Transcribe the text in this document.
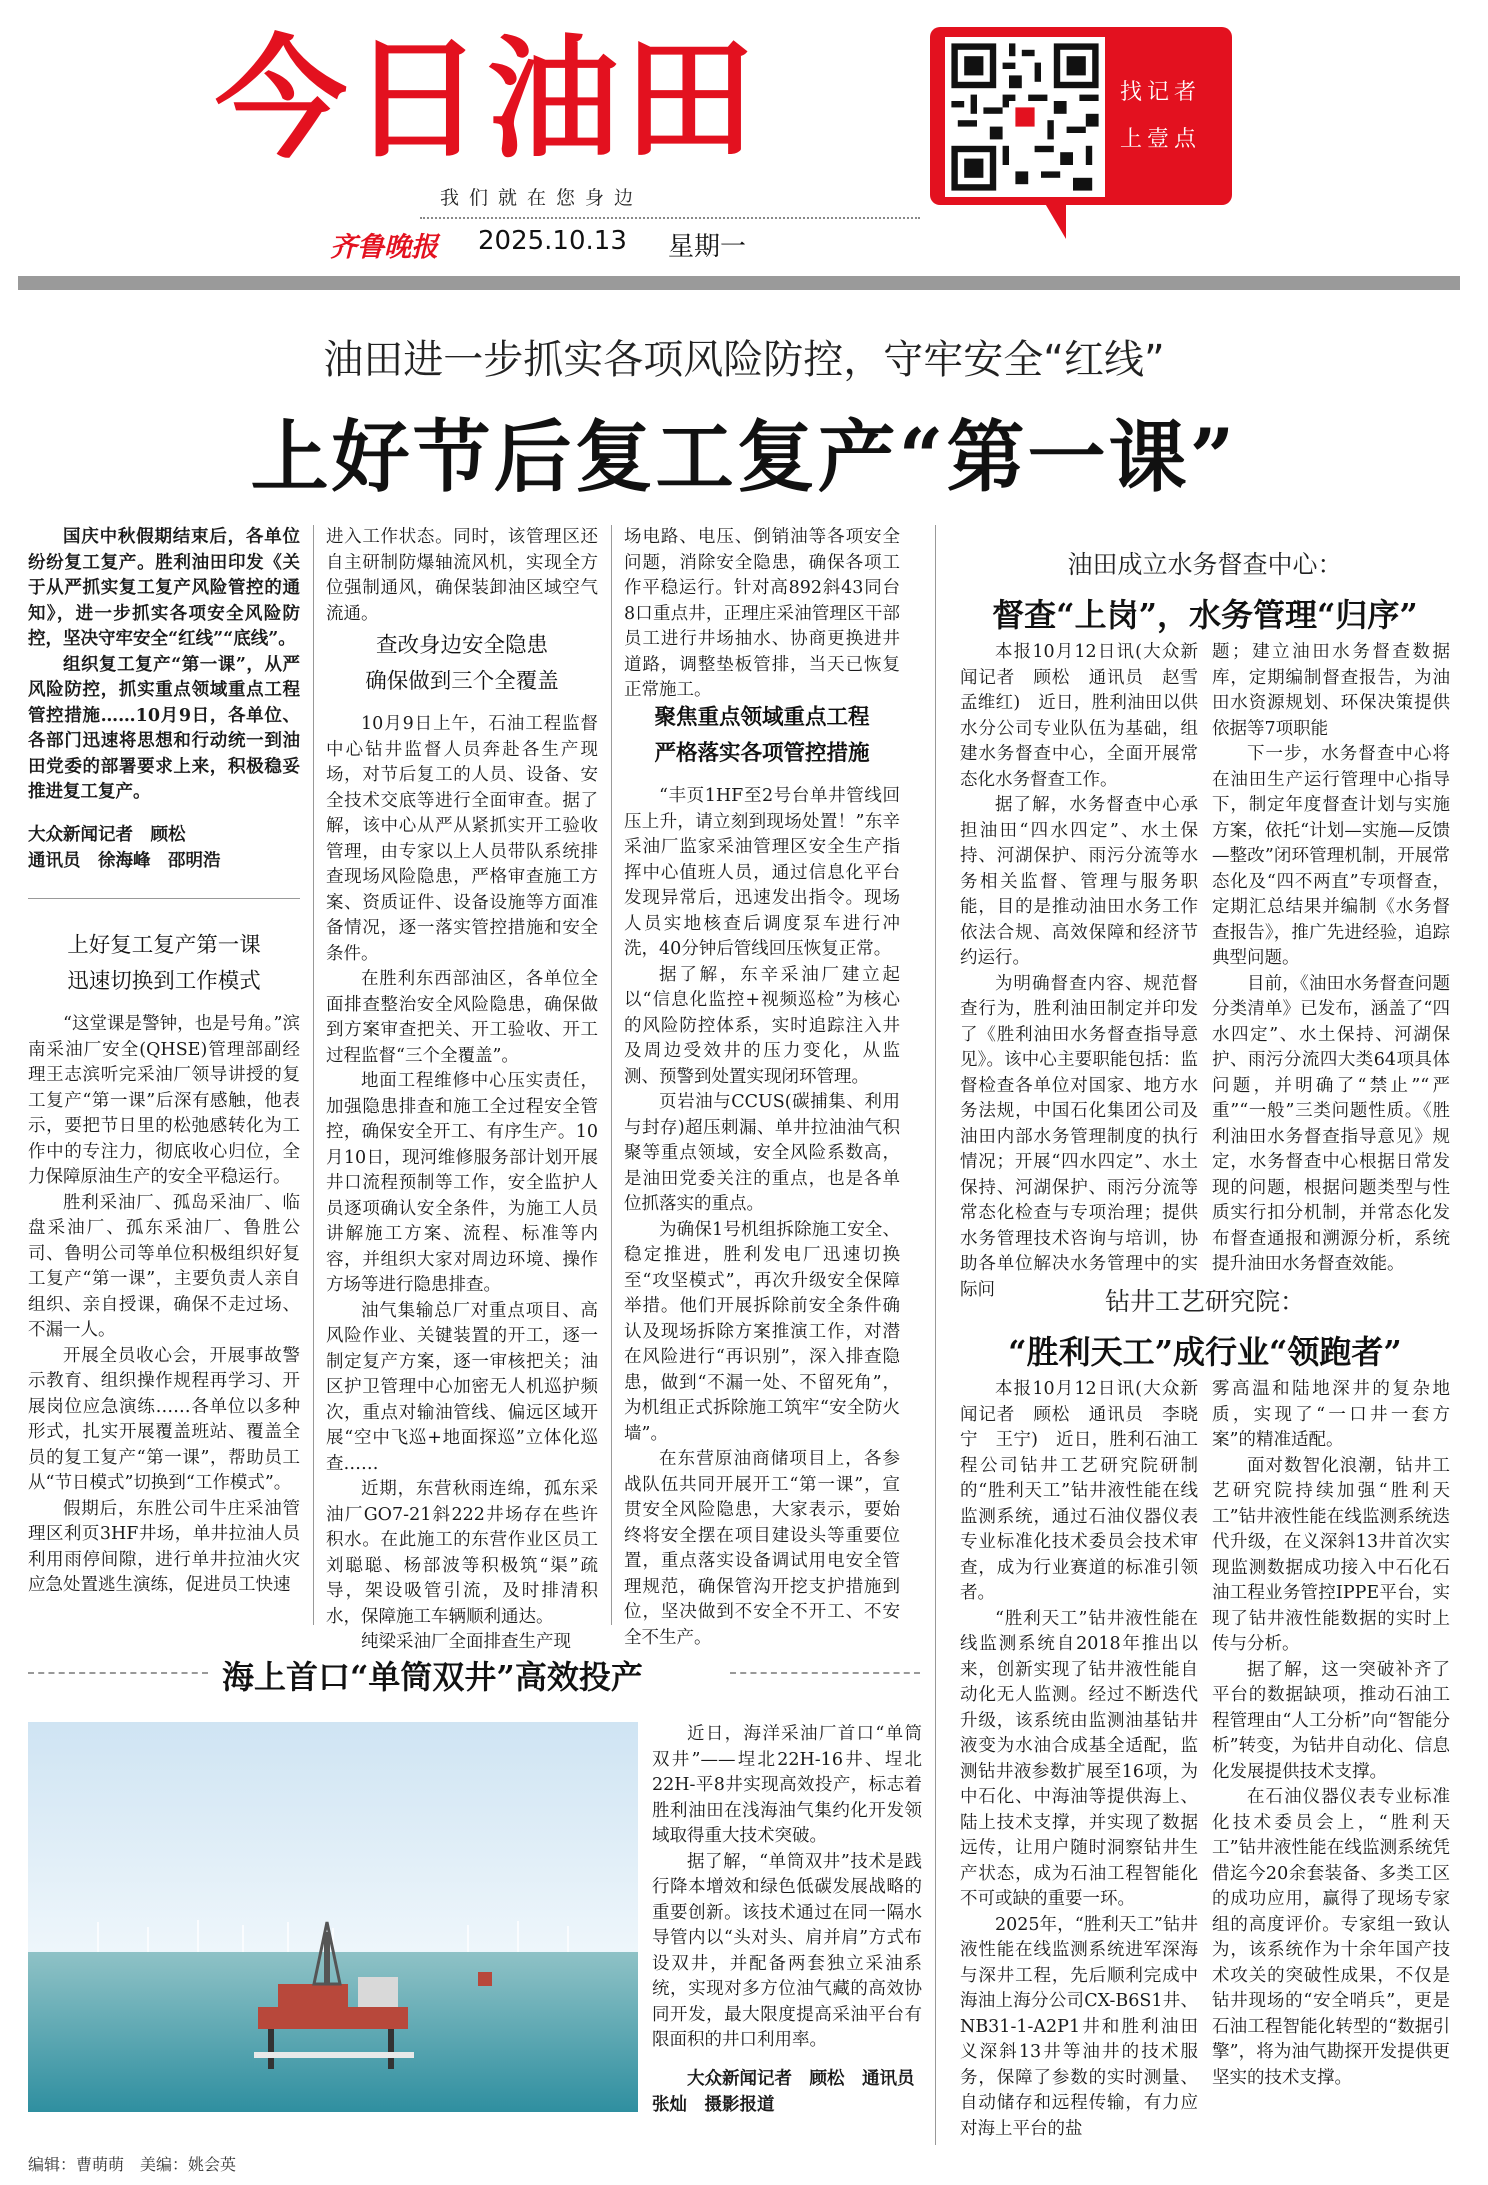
今日油田	找记者
上壹点
我们就在您身边
齐鲁晚报 2025.10.13 星期一
油田进一步抓实各项风险防控，守牢安全“红线”
上好节后复工复产“第一课”

国庆中秋假期结束后，各单位纷纷复工复产。胜利油田印发《关于从严抓实复工复产风险管控的通知》，进一步抓实各项安全风险防控，坚决守牢安全“红线”“底线”。

组织复工复产“第一课”，从严风险防控，抓实重点领域重点工程管控措施……10月9日，各单位、各部门迅速将思想和行动统一到油田党委的部署要求上来，积极稳妥推进复工复产。

大众新闻记者　顾松
通讯员　徐海峰　邵明浩
上好复工复产第一课
迅速切换到工作模式

“这堂课是警钟，也是号角。”滨南采油厂安全(QHSE)管理部副经理王志滨听完采油厂领导讲授的复工复产“第一课”后深有感触，他表示，要把节日里的松弛感转化为工作中的专注力，彻底收心归位，全力保障原油生产的安全平稳运行。

胜利采油厂、孤岛采油厂、临盘采油厂、孤东采油厂、鲁胜公司、鲁明公司等单位积极组织好复工复产“第一课”，主要负责人亲自组织、亲自授课，确保不走过场、不漏一人。

开展全员收心会，开展事故警示教育、组织操作规程再学习、开展岗位应急演练……各单位以多种形式，扎实开展覆盖班站、覆盖全员的复工复产“第一课”，帮助员工从“节日模式”切换到“工作模式”。

假期后，东胜公司牛庄采油管理区利页3HF井场，单井拉油人员利用雨停间隙，进行单井拉油火灾应急处置逃生演练，促进员工快速

进入工作状态。同时，该管理区还自主研制防爆轴流风机，实现全方位强制通风，确保装卸油区域空气流通。

查改身边安全隐患
确保做到三个全覆盖

10月9日上午，石油工程监督中心钻井监督人员奔赴各生产现场，对节后复工的人员、设备、安全技术交底等进行全面审查。据了解，该中心从严从紧抓实开工验收管理，由专家以上人员带队系统排查现场风险隐患，严格审查施工方案、资质证件、设备设施等方面准备情况，逐一落实管控措施和安全条件。

在胜利东西部油区，各单位全面排查整治安全风险隐患，确保做到方案审查把关、开工验收、开工过程监督“三个全覆盖”。

地面工程维修中心压实责任，加强隐患排查和施工全过程安全管控，确保安全开工、有序生产。10月10日，现河维修服务部计划开展井口流程预制等工作，安全监护人员逐项确认安全条件，为施工人员讲解施工方案、流程、标准等内容，并组织大家对周边环境、操作方场等进行隐患排查。

油气集输总厂对重点项目、高风险作业、关键装置的开工，逐一制定复产方案，逐一审核把关；油区护卫管理中心加密无人机巡护频次，重点对输油管线、偏远区域开展“空中飞巡+地面探巡”立体化巡查……

近期，东营秋雨连绵，孤东采油厂GO7-21斜222井场存在些许积水。在此施工的东营作业区员工刘聪聪、杨部波等积极筑“渠”疏导，架设吸管引流，及时排清积水，保障施工车辆顺利通达。

纯梁采油厂全面排查生产现

场电路、电压、倒销油等各项安全问题，消除安全隐患，确保各项工作平稳运行。针对高892斜43同台8口重点井，正理庄采油管理区干部员工进行井场抽水、协商更换进井道路，调整垫板管排，当天已恢复正常施工。

聚焦重点领域重点工程
严格落实各项管控措施

“丰页1HF至2号台单井管线回压上升，请立刻到现场处置！”东辛采油厂监家采油管理区安全生产指挥中心值班人员，通过信息化平台发现异常后，迅速发出指令。现场人员实地核查后调度泵车进行冲洗，40分钟后管线回压恢复正常。

据了解，东辛采油厂建立起以“信息化监控+视频巡检”为核心的风险防控体系，实时追踪注入井及周边受效井的压力变化，从监测、预警到处置实现闭环管理。

页岩油与CCUS(碳捕集、利用与封存)超压刺漏、单井拉油油气积聚等重点领域，安全风险系数高，是油田党委关注的重点，也是各单位抓落实的重点。

为确保1号机组拆除施工安全、稳定推进，胜利发电厂迅速切换至“攻坚模式”，再次升级安全保障举措。他们开展拆除前安全条件确认及现场拆除方案推演工作，对潜在风险进行“再识别”，深入排查隐患，做到“不漏一处、不留死角”，为机组正式拆除施工筑牢“安全防火墙”。

在东营原油商储项目上，各参战队伍共同开展开工“第一课”，宣贯安全风险隐患，大家表示，要始终将安全摆在项目建设头等重要位置，重点落实设备调试用电安全管理规范，确保管沟开挖支护措施到位，坚决做到不安全不开工、不安全不生产。

油田成立水务督查中心：
督查“上岗”，水务管理“归序”

本报10月12日讯(大众新闻记者　顾松　通讯员　赵雪　孟维红)　近日，胜利油田以供水分公司专业队伍为基础，组建水务督查中心，全面开展常态化水务督查工作。

据了解，水务督查中心承担油田“四水四定”、水土保持、河湖保护、雨污分流等水务相关监督、管理与服务职能，目的是推动油田水务工作依法合规、高效保障和经济节约运行。

为明确督查内容、规范督查行为，胜利油田制定并印发了《胜利油田水务督查指导意见》。该中心主要职能包括：监督检查各单位对国家、地方水务法规，中国石化集团公司及油田内部水务管理制度的执行情况；开展“四水四定”、水土保持、河湖保护、雨污分流等常态化检查与专项治理；提供水务管理技术咨询与培训，协助各单位解决水务管理中的实际问

题；建立油田水务督查数据库，定期编制督查报告，为油田水资源规划、环保决策提供依据等7项职能

下一步，水务督查中心将在油田生产运行管理中心指导下，制定年度督查计划与实施方案，依托“计划—实施—反馈—整改”闭环管理机制，开展常态化及“四不两直”专项督查，定期汇总结果并编制《水务督查报告》，推广先进经验，追踪典型问题。

目前，《油田水务督查问题分类清单》已发布，涵盖了“四水四定”、水土保持、河湖保护、雨污分流四大类64项具体问题，并明确了“禁止”“严重”“一般”三类问题性质。《胜利油田水务督查指导意见》规定，水务督查中心根据日常发现的问题，根据问题类型与性质实行扣分机制，并常态化发布督查通报和溯源分析，系统提升油田水务督查效能。

钻井工艺研究院：
“胜利天工”成行业“领跑者”

本报10月12日讯(大众新闻记者　顾松　通讯员　李晓宁　王宁)　近日，胜利石油工程公司钻井工艺研究院研制的“胜利天工”钻井液性能在线监测系统，通过石油仪器仪表专业标准化技术委员会技术审查，成为行业赛道的标准引领者。

“胜利天工”钻井液性能在线监测系统自2018年推出以来，创新实现了钻井液性能自动化无人监测。经过不断迭代升级，该系统由监测油基钻井液变为水油合成基全适配，监测钻井液参数扩展至16项，为中石化、中海油等提供海上、陆上技术支撑，并实现了数据远传，让用户随时洞察钻井生产状态，成为石油工程智能化不可或缺的重要一环。

2025年，“胜利天工”钻井液性能在线监测系统进军深海与深井工程，先后顺利完成中海油上海分公司CX-B6S1井、NB31-1-A2P1井和胜利油田义深斜13井等油井的技术服务，保障了参数的实时测量、自动储存和远程传输，有力应对海上平台的盐

雾高温和陆地深井的复杂地质，实现了“一口井一套方案”的精准适配。

面对数智化浪潮，钻井工艺研究院持续加强“胜利天工”钻井液性能在线监测系统迭代升级，在义深斜13井首次实现监测数据成功接入中石化石油工程业务管控IPPE平台，实现了钻井液性能数据的实时上传与分析。

据了解，这一突破补齐了平台的数据缺项，推动石油工程管理由“人工分析”向“智能分析”转变，为钻井自动化、信息化发展提供技术支撑。

在石油仪器仪表专业标准化技术委员会上，“胜利天工”钻井液性能在线监测系统凭借迄今20余套装备、多类工区的成功应用，赢得了现场专家组的高度评价。专家组一致认为，该系统作为十余年国产技术攻关的突破性成果，不仅是钻井现场的“安全哨兵”，更是石油工程智能化转型的“数据引擎”，将为油气勘探开发提供更坚实的技术支撑。

海上首口“单筒双井”高效投产

近日，海洋采油厂首口“单筒双井”——埕北22H-16井、埕北22H-平8井实现高效投产，标志着胜利油田在浅海油气集约化开发领域取得重大技术突破。

据了解，“单筒双井”技术是践行降本增效和绿色低碳发展战略的重要创新。该技术通过在同一隔水导管内以“头对头、肩并肩”方式布设双井，并配备两套独立采油系统，实现对多方位油气藏的高效协同开发，最大限度提高采油平台有限面积的井口利用率。

大众新闻记者　顾松　通讯员　张灿　摄影报道
编辑：曹萌萌　美编：姚会英
